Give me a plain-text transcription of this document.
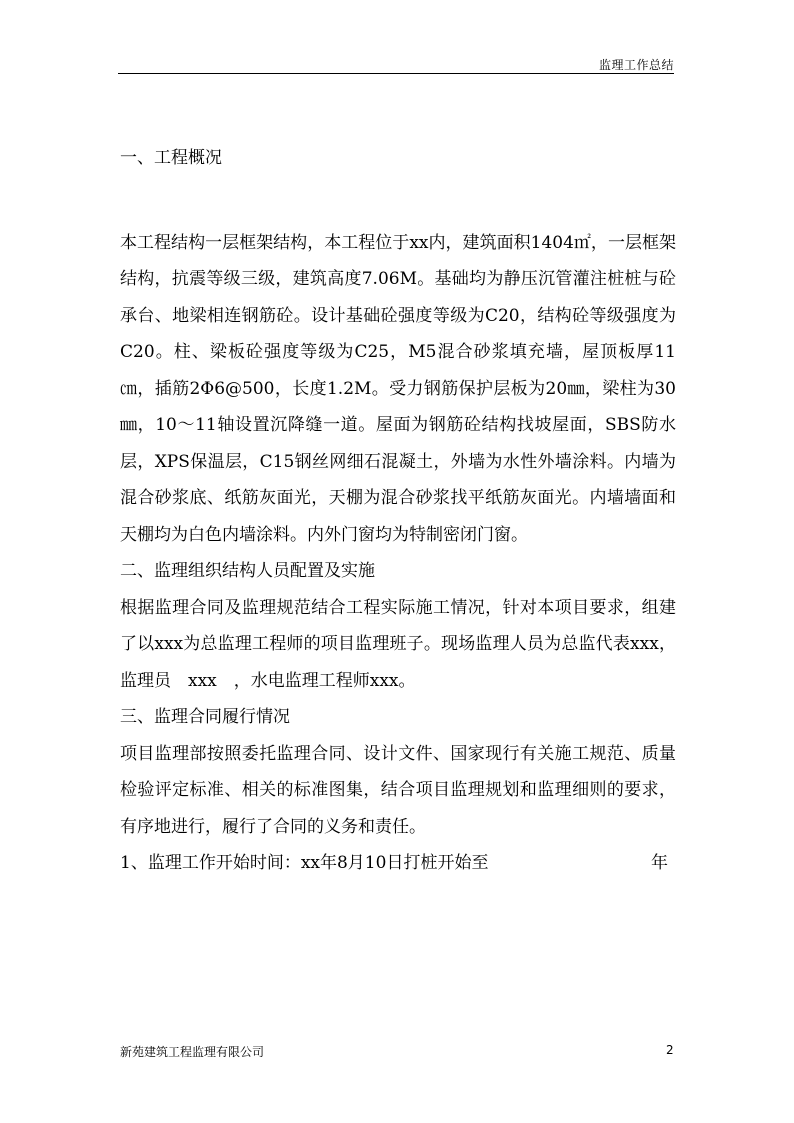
监理工作总结

一、工程概况

本工程结构一层框架结构，本工程位于xx内，建筑面积1404㎡，一层框架结构，抗震等级三级，建筑高度7.06M。基础均为静压沉管灌注桩桩与砼承台、地梁相连钢筋砼。设计基础砼强度等级为C20，结构砼等级强度为C20。柱、梁板砼强度等级为C25，M5混合砂浆填充墙，屋顶板厚11㎝，插筋2Φ6@500，长度1.2M。受力钢筋保护层板为20㎜，梁柱为30㎜，10～11轴设置沉降缝一道。屋面为钢筋砼结构找坡屋面，SBS防水层，XPS保温层，C15钢丝网细石混凝土，外墙为水性外墙涂料。内墙为混合砂浆底、纸筋灰面光，天棚为混合砂浆找平纸筋灰面光。内墙墙面和天棚均为白色内墙涂料。内外门窗均为特制密闭门窗。

二、监理组织结构人员配置及实施

根据监理合同及监理规范结合工程实际施工情况，针对本项目要求，组建了以xxx为总监理工程师的项目监理班子。现场监理人员为总监代表xxx，监理员　xxx　，水电监理工程师xxx。

三、监理合同履行情况

项目监理部按照委托监理合同、设计文件、国家现行有关施工规范、质量检验评定标准、相关的标准图集，结合项目监理规划和监理细则的要求，有序地进行，履行了合同的义务和责任。

1、监理工作开始时间：xx年8月10日打桩开始至	年

新苑建筑工程监理有限公司	2
